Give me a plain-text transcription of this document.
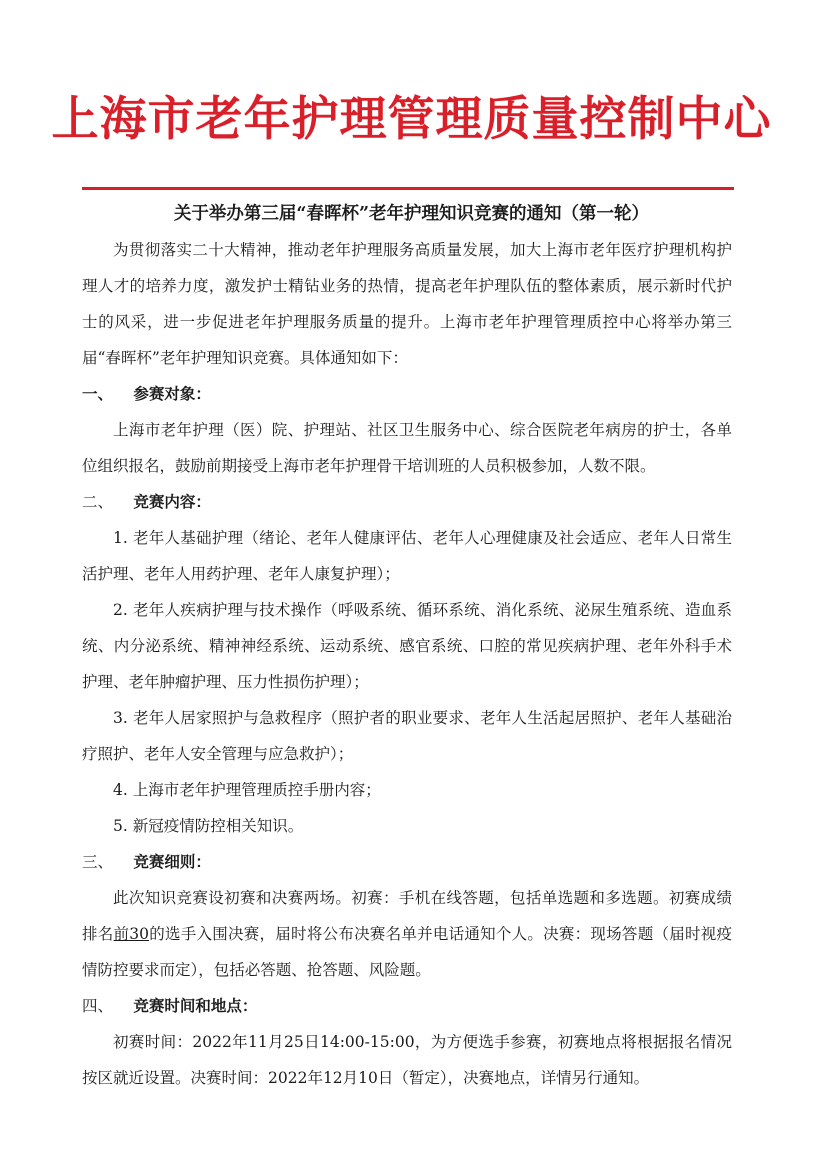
上海市老年护理管理质量控制中心
关于举办第三届“春晖杯”老年护理知识竞赛的通知（第一轮）

为贯彻落实二十大精神，推动老年护理服务高质量发展，加大上海市老年医疗护理机构护理人才的培养力度，激发护士精钻业务的热情，提高老年护理队伍的整体素质，展示新时代护士的风采，进一步促进老年护理服务质量的提升。上海市老年护理管理质控中心将举办第三届“春晖杯”老年护理知识竞赛。具体通知如下：

一、 参赛对象：

上海市老年护理（医）院、护理站、社区卫生服务中心、综合医院老年病房的护士，各单位组织报名，鼓励前期接受上海市老年护理骨干培训班的人员积极参加，人数不限。

二、 竞赛内容：

1. 老年人基础护理（绪论、老年人健康评估、老年人心理健康及社会适应、老年人日常生活护理、老年人用药护理、老年人康复护理）；

2. 老年人疾病护理与技术操作（呼吸系统、循环系统、消化系统、泌尿生殖系统、造血系统、内分泌系统、精神神经系统、运动系统、感官系统、口腔的常见疾病护理、老年外科手术护理、老年肿瘤护理、压力性损伤护理）；

3. 老年人居家照护与急救程序（照护者的职业要求、老年人生活起居照护、老年人基础治疗照护、老年人安全管理与应急救护）；

4. 上海市老年护理管理质控手册内容；

5. 新冠疫情防控相关知识。

三、 竞赛细则：

此次知识竞赛设初赛和决赛两场。初赛：手机在线答题，包括单选题和多选题。初赛成绩排名前30的选手入围决赛，届时将公布决赛名单并电话通知个人。决赛：现场答题（届时视疫情防控要求而定），包括必答题、抢答题、风险题。

四、 竞赛时间和地点：

初赛时间：2022年11月25日14:00-15:00，为方便选手参赛，初赛地点将根据报名情况按区就近设置。决赛时间：2022年12月10日（暂定），决赛地点，详情另行通知。
